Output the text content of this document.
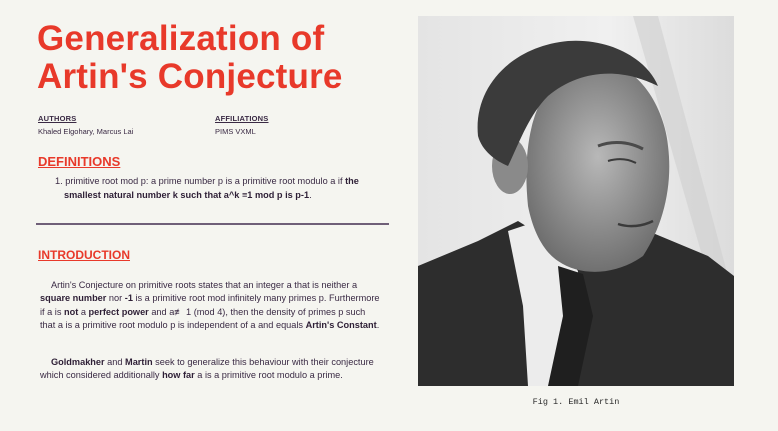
Generalization of
Artin's Conjecture
AUTHORS
Khaled Elgohary, Marcus Lai
AFFILIATIONS
PIMS VXML
DEFINITIONS
1. primitive root mod p: a prime number p is a primitive root modulo a if the smallest natural number k such that a^k ≡1 mod p is p-1.
INTRODUCTION

Artin's Conjecture on primitive roots states that an integer a that is neither a square number nor -1 is a primitive root mod infinitely many primes p. Furthermore if a is not a perfect power and a≢ 1 (mod 4), then the density of primes p such that a is a primitive root modulo p is independent of a and equals Artin's Constant.

Goldmakher and Martin seek to generalize this behaviour with their conjecture which considered additionally how far a is a primitive root modulo a prime.

Fig 1. Emil Artin
